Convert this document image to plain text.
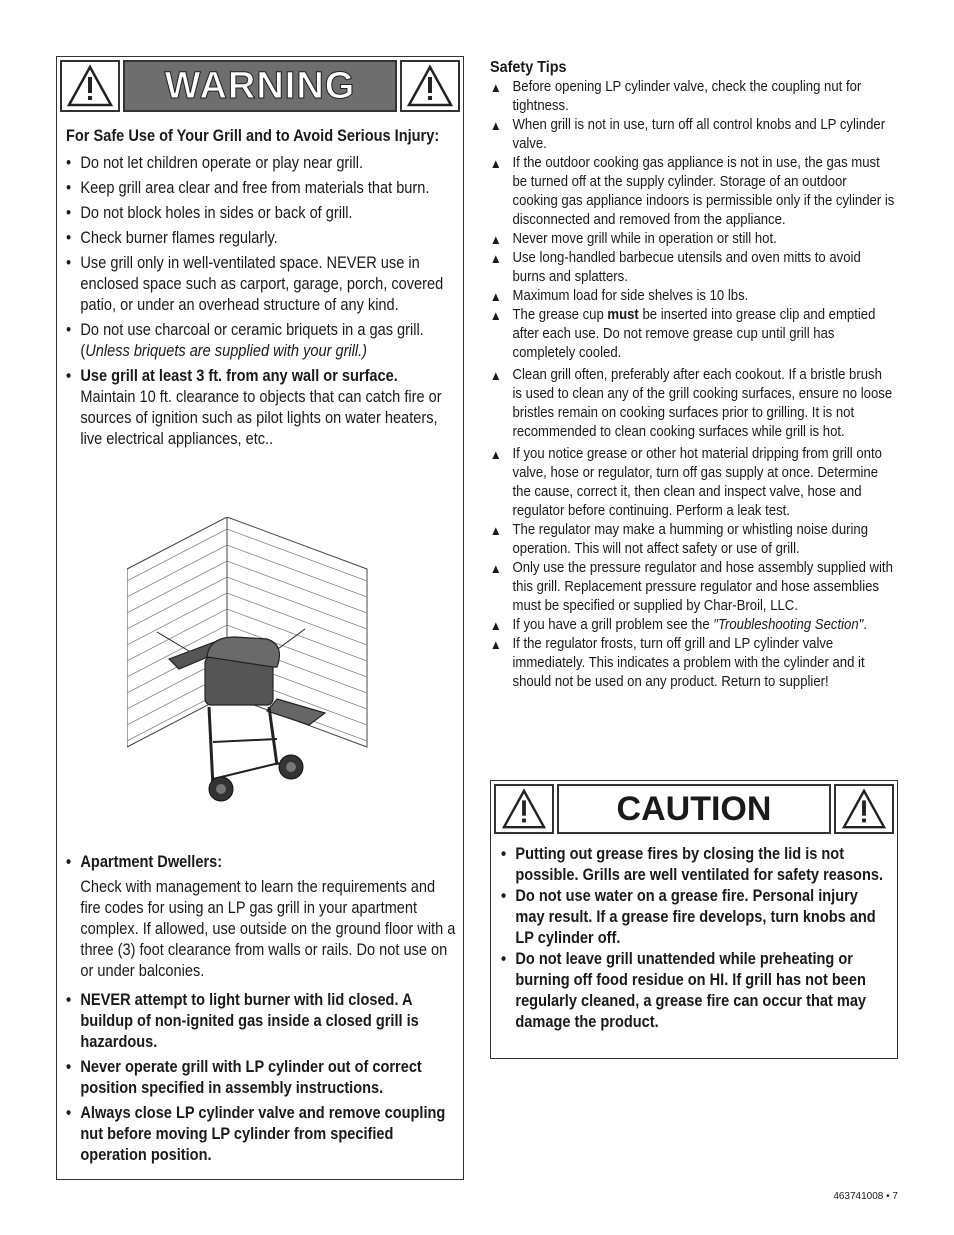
WARNING

For Safe Use of Your Grill and to Avoid Serious Injury:

• Do not let children operate or play near grill.
• Keep grill area clear and free from materials that burn.
• Do not block holes in sides or back of grill.
• Check burner flames regularly.
• Use grill only in well-ventilated space. NEVER use in enclosed space such as carport, garage, porch, covered patio, or under an overhead structure of any kind.
• Do not use charcoal or ceramic briquets in a gas grill. (Unless briquets are supplied with your grill.)
• Use grill at least 3 ft. from any wall or surface. Maintain 10 ft. clearance to objects that can catch fire or sources of ignition such as pilot lights on water heaters, live electrical appliances, etc..
• Apartment Dwellers:
Check with management to learn the requirements and fire codes for using an LP gas grill in your apartment complex. If allowed, use outside on the ground floor with a three (3) foot clearance from walls or rails. Do not use on or under balconies.
• NEVER attempt to light burner with lid closed. A buildup of non-ignited gas inside a closed grill is hazardous.
• Never operate grill with LP cylinder out of correct position specified in assembly instructions.
• Always close LP cylinder valve and remove coupling nut before moving LP cylinder from specified operation position.
Safety Tips
▲ Before opening LP cylinder valve, check the coupling nut for tightness.
▲ When grill is not in use, turn off all control knobs and LP cylinder valve.
▲ If the outdoor cooking gas appliance is not in use, the gas must be turned off at the supply cylinder. Storage of an outdoor cooking gas appliance indoors is permissible only if the cylinder is disconnected and removed from the appliance.
▲ Never move grill while in operation or still hot.
▲ Use long-handled barbecue utensils and oven mitts to avoid burns and splatters.
▲ Maximum load for side shelves is 10 lbs.
▲ The grease cup must be inserted into grease clip and emptied after each use. Do not remove grease cup until grill has completely cooled.
▲ Clean grill often, preferably after each cookout. If a bristle brush is used to clean any of the grill cooking surfaces, ensure no loose bristles remain on cooking surfaces prior to grilling. It is not recommended to clean cooking surfaces while grill is hot.
▲ If you notice grease or other hot material dripping from grill onto valve, hose or regulator, turn off gas supply at once. Determine the cause, correct it, then clean and inspect valve, hose and regulator before continuing. Perform a leak test.
▲ The regulator may make a humming or whistling noise during operation. This will not affect safety or use of grill.
▲ Only use the pressure regulator and hose assembly supplied with this grill. Replacement pressure regulator and hose assemblies must be specified or supplied by Char-Broil, LLC.
▲ If you have a grill problem see the "Troubleshooting Section".
▲ If the regulator frosts, turn off grill and LP cylinder valve immediately. This indicates a problem with the cylinder and it should not be used on any product. Return to supplier!
CAUTION
• Putting out grease fires by closing the lid is not possible. Grills are well ventilated for safety reasons.
• Do not use water on a grease fire. Personal injury may result. If a grease fire develops, turn knobs and LP cylinder off.
• Do not leave grill unattended while preheating or burning off food residue on HI. If grill has not been regularly cleaned, a grease fire can occur that may damage the product.
463741008 • 7
